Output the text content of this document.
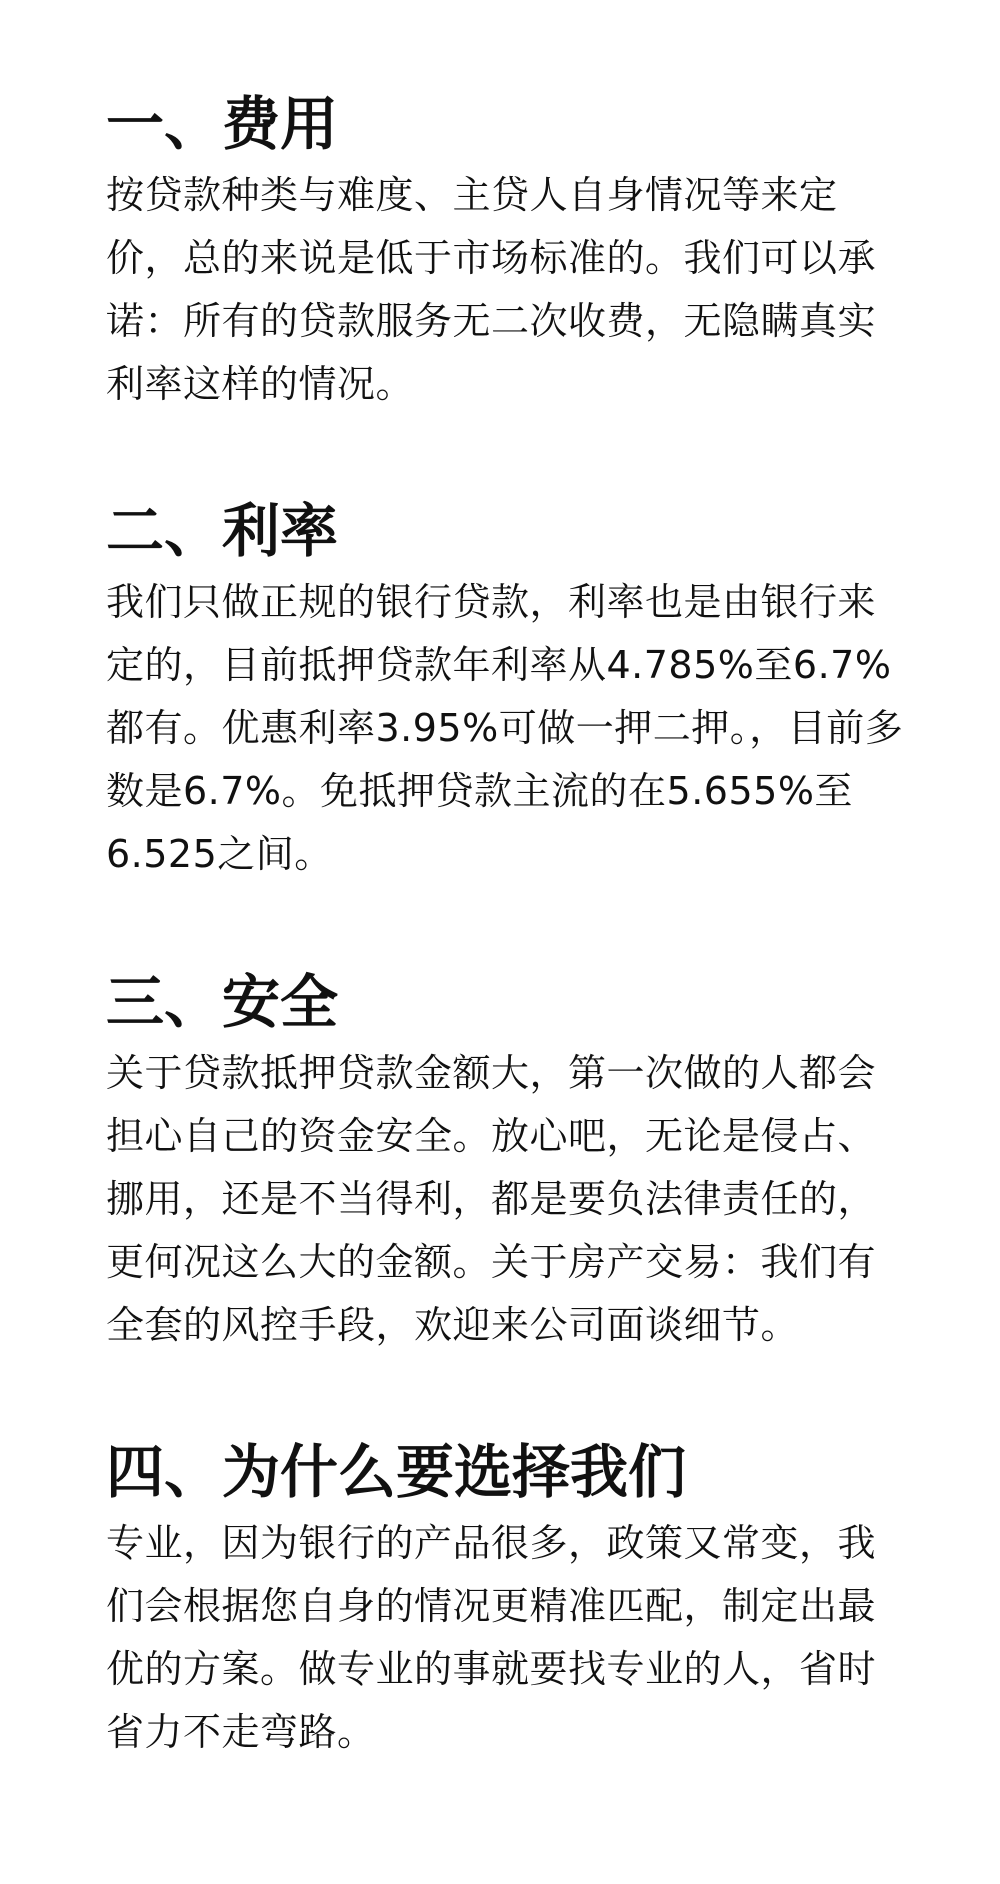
一、费用

按贷款种类与难度、主贷人自身情况等来定价，总的来说是低于市场标准的。我们可以承诺：所有的贷款服务无二次收费，无隐瞒真实利率这样的情况。

二、利率

我们只做正规的银行贷款，利率也是由银行来定的，目前抵押贷款年利率从4.785%至6.7%都有。优惠利率3.95%可做一押二押。，目前多数是6.7%。免抵押贷款主流的在5.655%至6.525之间。

三、安全

关于贷款抵押贷款金额大，第一次做的人都会担心自己的资金安全。放心吧，无论是侵占、挪用，还是不当得利，都是要负法律责任的，更何况这么大的金额。关于房产交易：我们有全套的风控手段，欢迎来公司面谈细节。

四、为什么要选择我们

专业，因为银行的产品很多，政策又常变，我们会根据您自身的情况更精准匹配，制定出最优的方案。做专业的事就要找专业的人，省时省力不走弯路。
